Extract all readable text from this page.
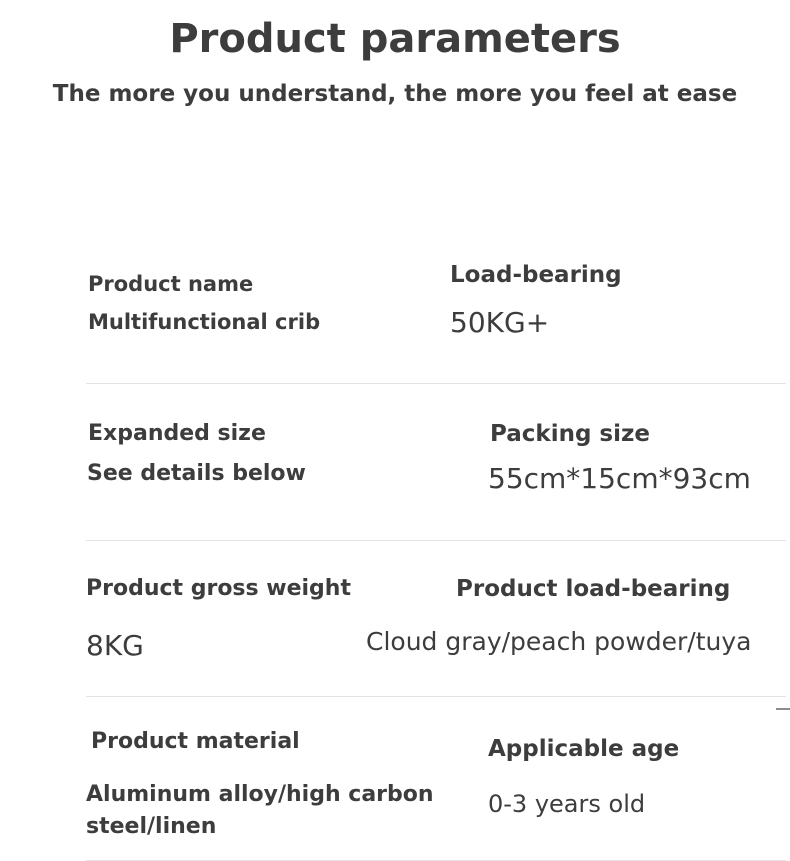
Product parameters
The more you understand, the more you feel at ease
Product name
Multifunctional crib
Load-bearing
50KG+
Expanded size
See details below
Packing size
55cm*15cm*93cm
Product gross weight
8KG
Product load-bearing
Cloud gray/peach powder/tuya
Product material
Aluminum alloy/high carbon steel/linen
Applicable age
0-3 years old
